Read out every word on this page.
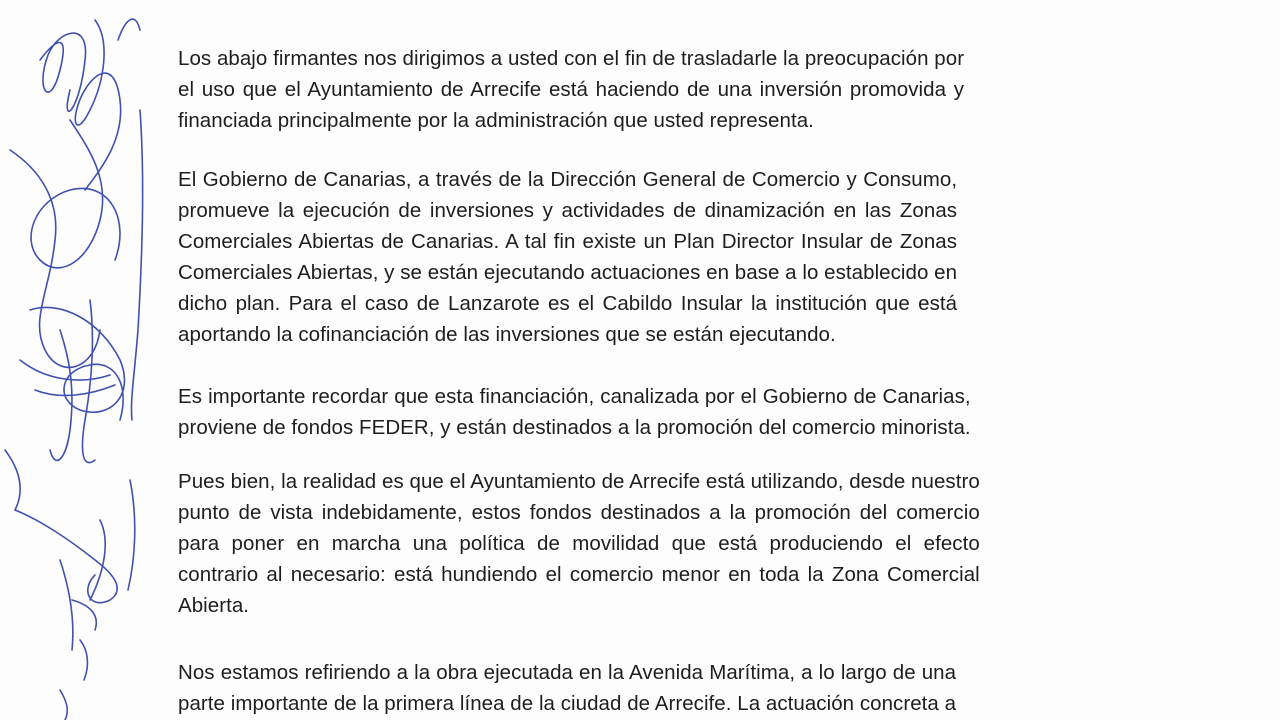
Los abajo firmantes nos dirigimos a usted con el fin de trasladarle la preocupación por
el uso que el Ayuntamiento de Arrecife está haciendo de una inversión promovida y
financiada principalmente por la administración que usted representa.

El Gobierno de Canarias, a través de la Dirección General de Comercio y Consumo,
promueve la ejecución de inversiones y actividades de dinamización en las Zonas
Comerciales Abiertas de Canarias. A tal fin existe un Plan Director Insular de Zonas
Comerciales Abiertas, y se están ejecutando actuaciones en base a lo establecido en
dicho plan. Para el caso de Lanzarote es el Cabildo Insular la institución que está
aportando la cofinanciación de las inversiones que se están ejecutando.

Es importante recordar que esta financiación, canalizada por el Gobierno de Canarias,
proviene de fondos FEDER, y están destinados a la promoción del comercio minorista.

Pues bien, la realidad es que el Ayuntamiento de Arrecife está utilizando, desde nuestro
punto de vista indebidamente, estos fondos destinados a la promoción del comercio
para poner en marcha una política de movilidad que está produciendo el efecto
contrario al necesario: está hundiendo el comercio menor en toda la Zona Comercial
Abierta.

Nos estamos refiriendo a la obra ejecutada en la Avenida Marítima, a lo largo de una
parte importante de la primera línea de la ciudad de Arrecife. La actuación concreta a
